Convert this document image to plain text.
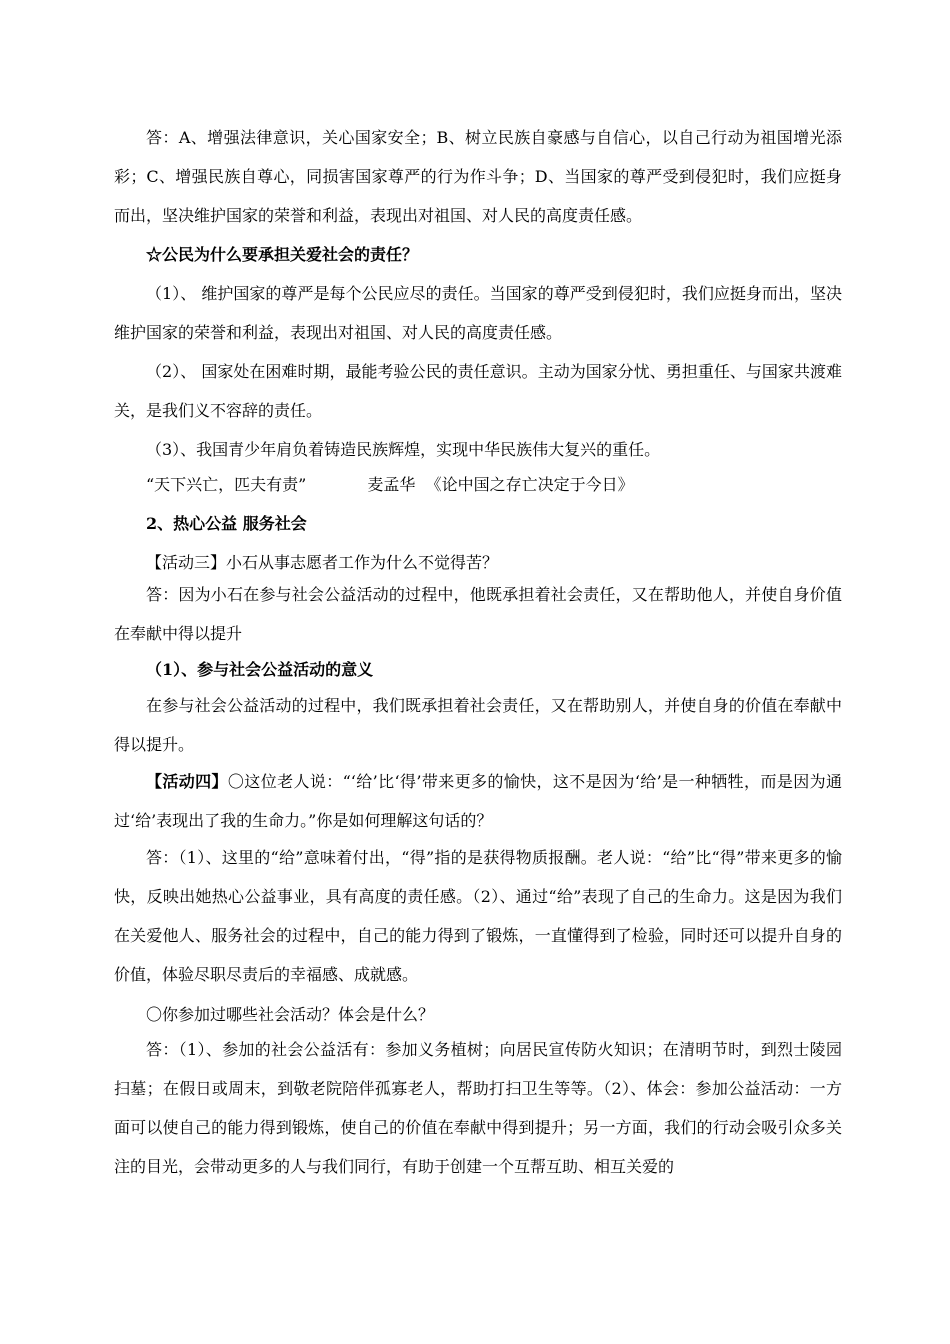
答：A、增强法律意识，关心国家安全；B、树立民族自豪感与自信心，以自己行动为祖国增光添彩；C、增强民族自尊心，同损害国家尊严的行为作斗争；D、当国家的尊严受到侵犯时，我们应挺身而出，坚决维护国家的荣誉和利益，表现出对祖国、对人民的高度责任感。

☆公民为什么要承担关爱社会的责任？

（1）、 维护国家的尊严是每个公民应尽的责任。当国家的尊严受到侵犯时，我们应挺身而出，坚决维护国家的荣誉和利益，表现出对祖国、对人民的高度责任感。

（2）、 国家处在困难时期，最能考验公民的责任意识。主动为国家分忧、勇担重任、与国家共渡难关，是我们义不容辞的责任。

（3）、我国青少年肩负着铸造民族辉煌，实现中华民族伟大复兴的重任。

“天下兴亡，匹夫有责”            麦孟华  《论中国之存亡决定于今日》

2、热心公益 服务社会

【活动三】小石从事志愿者工作为什么不觉得苦？

答：因为小石在参与社会公益活动的过程中，他既承担着社会责任，又在帮助他人，并使自身价值在奉献中得以提升

（1）、参与社会公益活动的意义

在参与社会公益活动的过程中，我们既承担着社会责任，又在帮助别人，并使自身的价值在奉献中得以提升。

【活动四】〇这位老人说：“‘给’比‘得’带来更多的愉快，这不是因为‘给’是一种牺牲，而是因为通过‘给’表现出了我的生命力。”你是如何理解这句话的？

答：（1）、这里的“给”意味着付出，“得”指的是获得物质报酬。老人说：“给”比“得”带来更多的愉快，反映出她热心公益事业，具有高度的责任感。（2）、通过“给”表现了自己的生命力。这是因为我们在关爱他人、服务社会的过程中，自己的能力得到了锻炼，一直懂得到了检验，同时还可以提升自身的价值，体验尽职尽责后的幸福感、成就感。

〇你参加过哪些社会活动？体会是什么？

答：（1）、参加的社会公益活有：参加义务植树；向居民宣传防火知识；在清明节时，到烈士陵园扫墓；在假日或周末，到敬老院陪伴孤寡老人，帮助打扫卫生等等。（2）、体会：参加公益活动：一方面可以使自己的能力得到锻炼，使自己的价值在奉献中得到提升；另一方面，我们的行动会吸引众多关注的目光，会带动更多的人与我们同行，有助于创建一个互帮互助、相互关爱的
